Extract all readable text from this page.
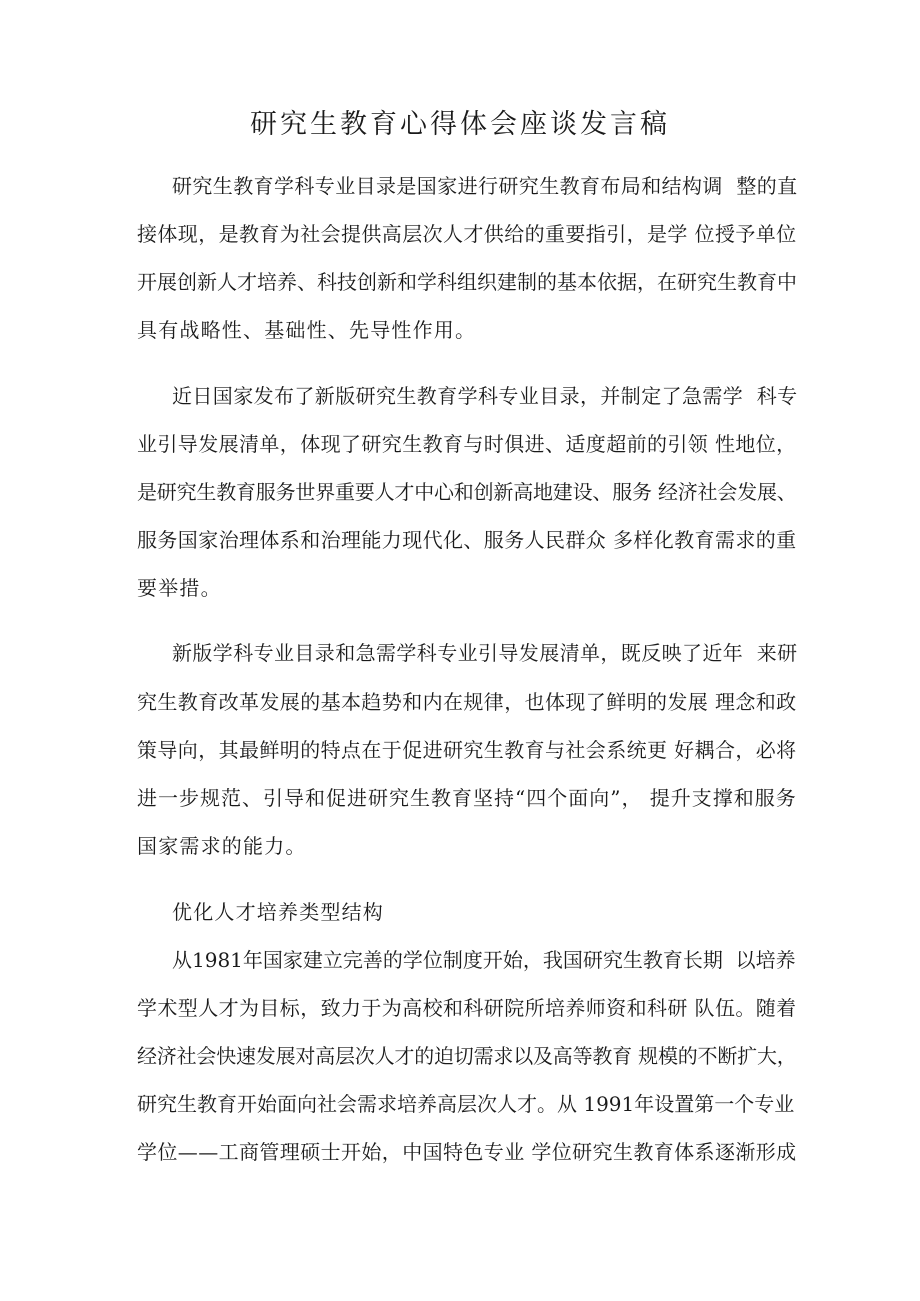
研究生教育心得体会座谈发言稿
研究生教育学科专业目录是国家进行研究生教育布局和结构调  整的直
接体现，是教育为社会提供高层次人才供给的重要指引，是学 位授予单位
开展创新人才培养、科技创新和学科组织建制的基本依据，在研究生教育中
具有战略性、基础性、先导性作用。
近日国家发布了新版研究生教育学科专业目录，并制定了急需学  科专
业引导发展清单，体现了研究生教育与时俱进、适度超前的引领 性地位，
是研究生教育服务世界重要人才中心和创新高地建设、服务 经济社会发展、
服务国家治理体系和治理能力现代化、服务人民群众 多样化教育需求的重
要举措。
新版学科专业目录和急需学科专业引导发展清单，既反映了近年  来研
究生教育改革发展的基本趋势和内在规律，也体现了鲜明的发展 理念和政
策导向，其最鲜明的特点在于促进研究生教育与社会系统更 好耦合，必将
进一步规范、引导和促进研究生教育坚持“四个面向”， 提升支撑和服务
国家需求的能力。
优化人才培养类型结构
从1981年国家建立完善的学位制度开始，我国研究生教育长期  以培养
学术型人才为目标，致力于为高校和科研院所培养师资和科研 队伍。随着
经济社会快速发展对高层次人才的迫切需求以及高等教育 规模的不断扩大，
研究生教育开始面向社会需求培养高层次人才。从 1991年设置第一个专业
学位——工商管理硕士开始，中国特色专业 学位研究生教育体系逐渐形成
